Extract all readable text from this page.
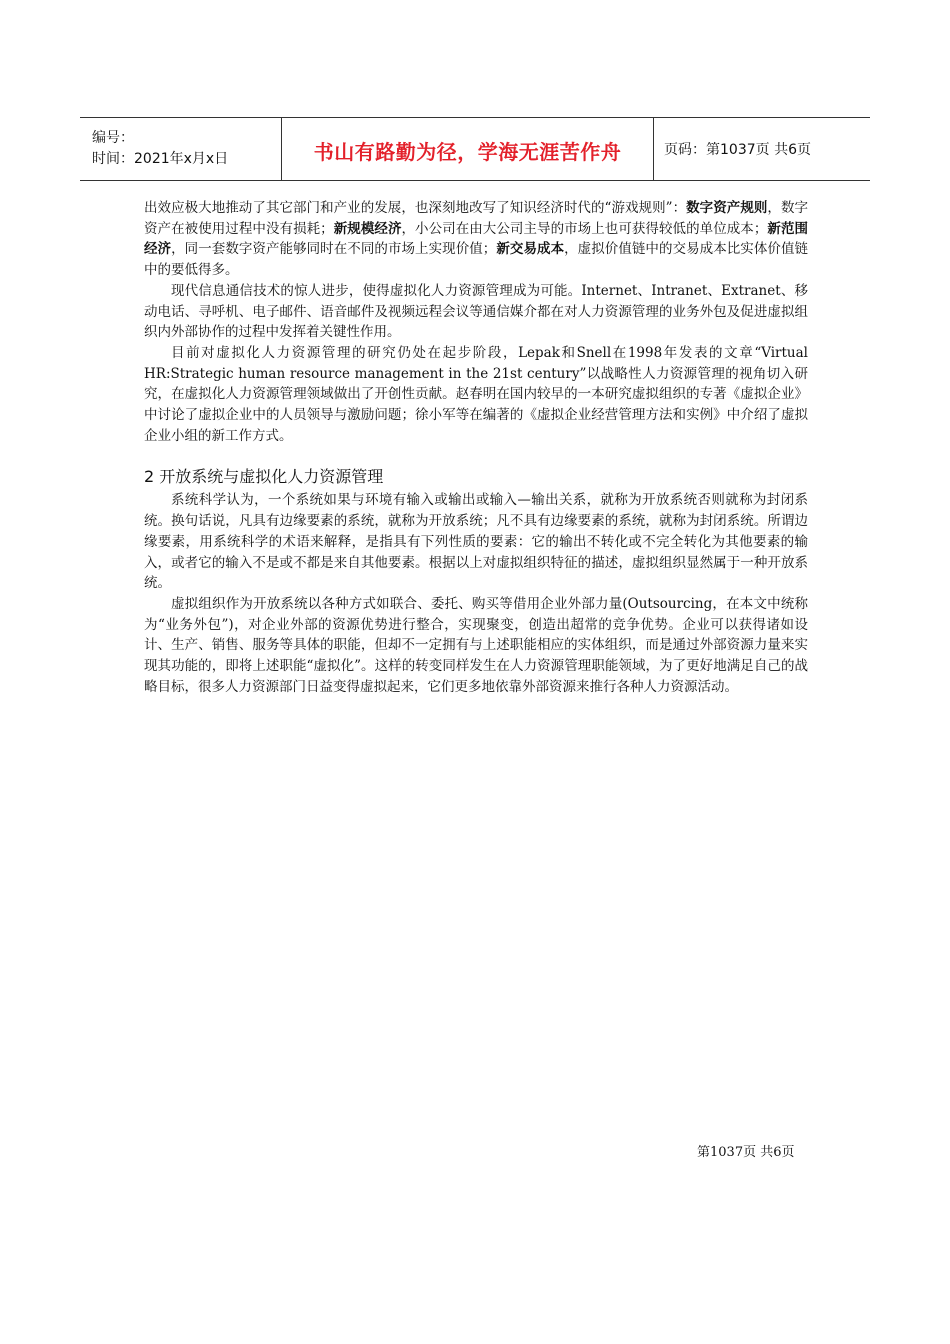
编号：
时间：2021年x月x日	书山有路勤为径，学海无涯苦作舟	页码：第1037页 共6页

出效应极大地推动了其它部门和产业的发展，也深刻地改写了知识经济时代的“游戏规则”：数字资产规则，数字资产在被使用过程中没有损耗；新规模经济，小公司在由大公司主导的市场上也可获得较低的单位成本；新范围经济，同一套数字资产能够同时在不同的市场上实现价值；新交易成本，虚拟价值链中的交易成本比实体价值链中的要低得多。

现代信息通信技术的惊人进步，使得虚拟化人力资源管理成为可能。Internet、Intranet、Extranet、移动电话、寻呼机、电子邮件、语音邮件及视频远程会议等通信媒介都在对人力资源管理的业务外包及促进虚拟组织内外部协作的过程中发挥着关键性作用。

目前对虚拟化人力资源管理的研究仍处在起步阶段，Lepak和Snell在1998年发表的文章“Virtual HR:Strategic human resource management in the 21st century”以战略性人力资源管理的视角切入研究，在虚拟化人力资源管理领域做出了开创性贡献。赵春明在国内较早的一本研究虚拟组织的专著《虚拟企业》中讨论了虚拟企业中的人员领导与激励问题；徐小军等在编著的《虚拟企业经营管理方法和实例》中介绍了虚拟企业小组的新工作方式。

2 开放系统与虚拟化人力资源管理

系统科学认为，一个系统如果与环境有输入或输出或输入—输出关系，就称为开放系统否则就称为封闭系统。换句话说，凡具有边缘要素的系统，就称为开放系统；凡不具有边缘要素的系统，就称为封闭系统。所谓边缘要素，用系统科学的术语来解释，是指具有下列性质的要素：它的输出不转化或不完全转化为其他要素的输入，或者它的输入不是或不都是来自其他要素。根据以上对虚拟组织特征的描述，虚拟组织显然属于一种开放系统。

虚拟组织作为开放系统以各种方式如联合、委托、购买等借用企业外部力量(Outsourcing，在本文中统称为“业务外包”)，对企业外部的资源优势进行整合，实现聚变，创造出超常的竞争优势。企业可以获得诸如设计、生产、销售、服务等具体的职能，但却不一定拥有与上述职能相应的实体组织，而是通过外部资源力量来实现其功能的，即将上述职能“虚拟化”。这样的转变同样发生在人力资源管理职能领域，为了更好地满足自己的战略目标，很多人力资源部门日益变得虚拟起来，它们更多地依靠外部资源来推行各种人力资源活动。

第1037页 共6页
